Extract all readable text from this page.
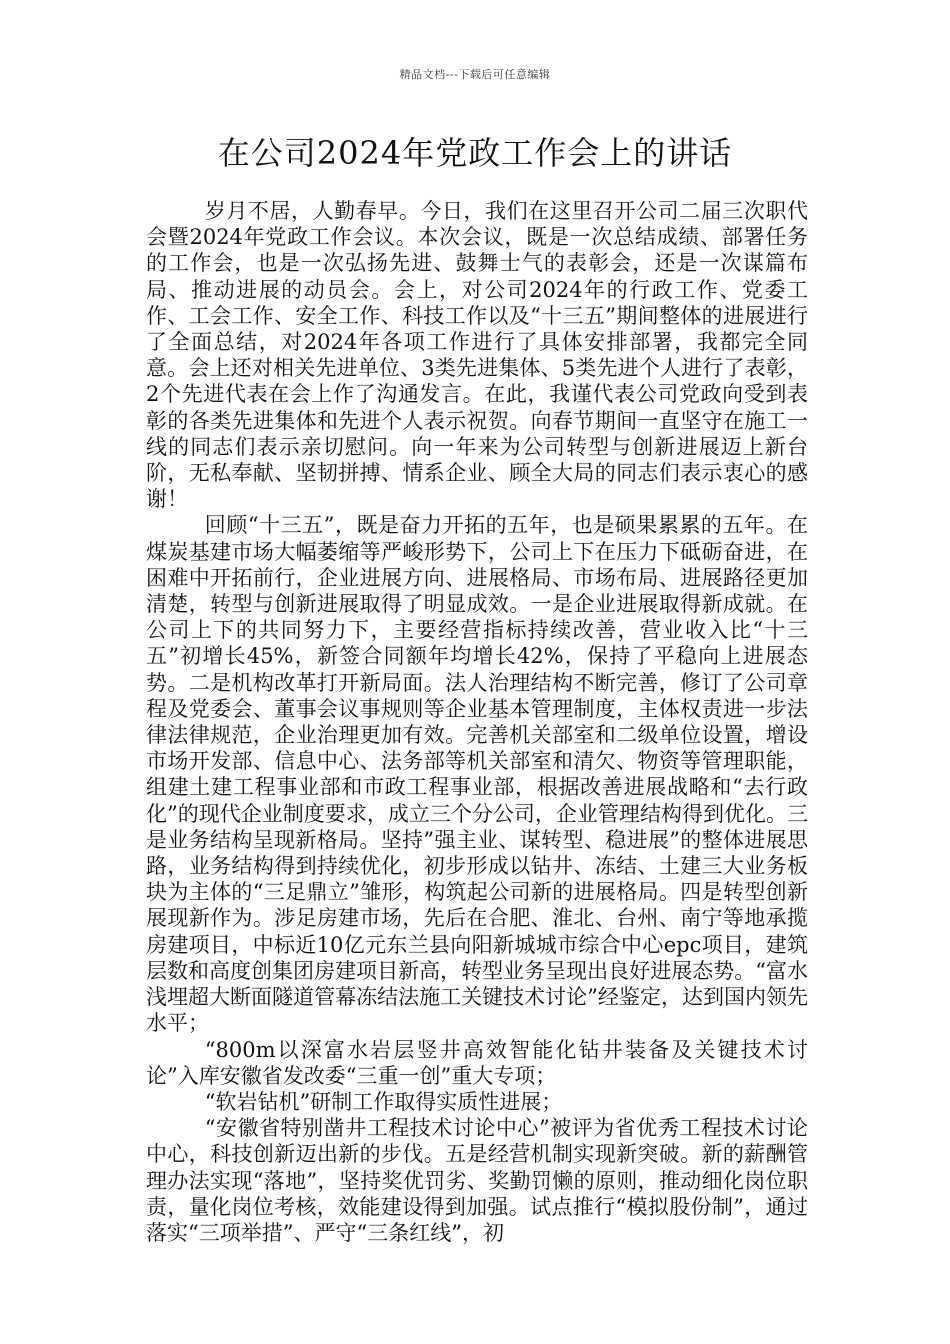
精品文档---下载后可任意编辑
在公司2024年党政工作会上的讲话

岁月不居，人勤春早。今日，我们在这里召开公司二届三次职代会暨2024年党政工作会议。本次会议，既是一次总结成绩、部署任务的工作会，也是一次弘扬先进、鼓舞士气的表彰会，还是一次谋篇布局、推动进展的动员会。会上，对公司2024年的行政工作、党委工作、工会工作、安全工作、科技工作以及“十三五”期间整体的进展进行了全面总结，对2024年各项工作进行了具体安排部署，我都完全同意。会上还对相关先进单位、3类先进集体、5类先进个人进行了表彰，2个先进代表在会上作了沟通发言。在此，我谨代表公司党政向受到表彰的各类先进集体和先进个人表示祝贺。向春节期间一直坚守在施工一线的同志们表示亲切慰问。向一年来为公司转型与创新进展迈上新台阶，无私奉献、坚韧拼搏、情系企业、顾全大局的同志们表示衷心的感谢！

回顾“十三五”，既是奋力开拓的五年，也是硕果累累的五年。在煤炭基建市场大幅萎缩等严峻形势下，公司上下在压力下砥砺奋进，在困难中开拓前行，企业进展方向、进展格局、市场布局、进展路径更加清楚，转型与创新进展取得了明显成效。一是企业进展取得新成就。在公司上下的共同努力下，主要经营指标持续改善，营业收入比“十三五”初增长45%，新签合同额年均增长42%，保持了平稳向上进展态势。二是机构改革打开新局面。法人治理结构不断完善，修订了公司章程及党委会、董事会议事规则等企业基本管理制度，主体权责进一步法律法律规范，企业治理更加有效。完善机关部室和二级单位设置，增设市场开发部、信息中心、法务部等机关部室和清欠、物资等管理职能，组建土建工程事业部和市政工程事业部，根据改善进展战略和“去行政化”的现代企业制度要求，成立三个分公司，企业管理结构得到优化。三是业务结构呈现新格局。坚持”强主业、谋转型、稳进展”的整体进展思路，业务结构得到持续优化，初步形成以钻井、冻结、土建三大业务板块为主体的“三足鼎立”雏形，构筑起公司新的进展格局。四是转型创新展现新作为。涉足房建市场，先后在合肥、淮北、台州、南宁等地承揽房建项目，中标近10亿元东兰县向阳新城城市综合中心epc项目，建筑层数和高度创集团房建项目新高，转型业务呈现出良好进展态势。“富水浅埋超大断面隧道管幕冻结法施工关键技术讨论”经鉴定，达到国内领先水平；

“800m以深富水岩层竖井高效智能化钻井装备及关键技术讨论”入库安徽省发改委“三重一创”重大专项；

“软岩钻机”研制工作取得实质性进展；

“安徽省特别凿井工程技术讨论中心”被评为省优秀工程技术讨论中心，科技创新迈出新的步伐。五是经营机制实现新突破。新的薪酬管理办法实现“落地”，坚持奖优罚劣、奖勤罚懒的原则，推动细化岗位职责，量化岗位考核，效能建设得到加强。试点推行“模拟股份制”，通过落实“三项举措”、严守“三条红线”，初
